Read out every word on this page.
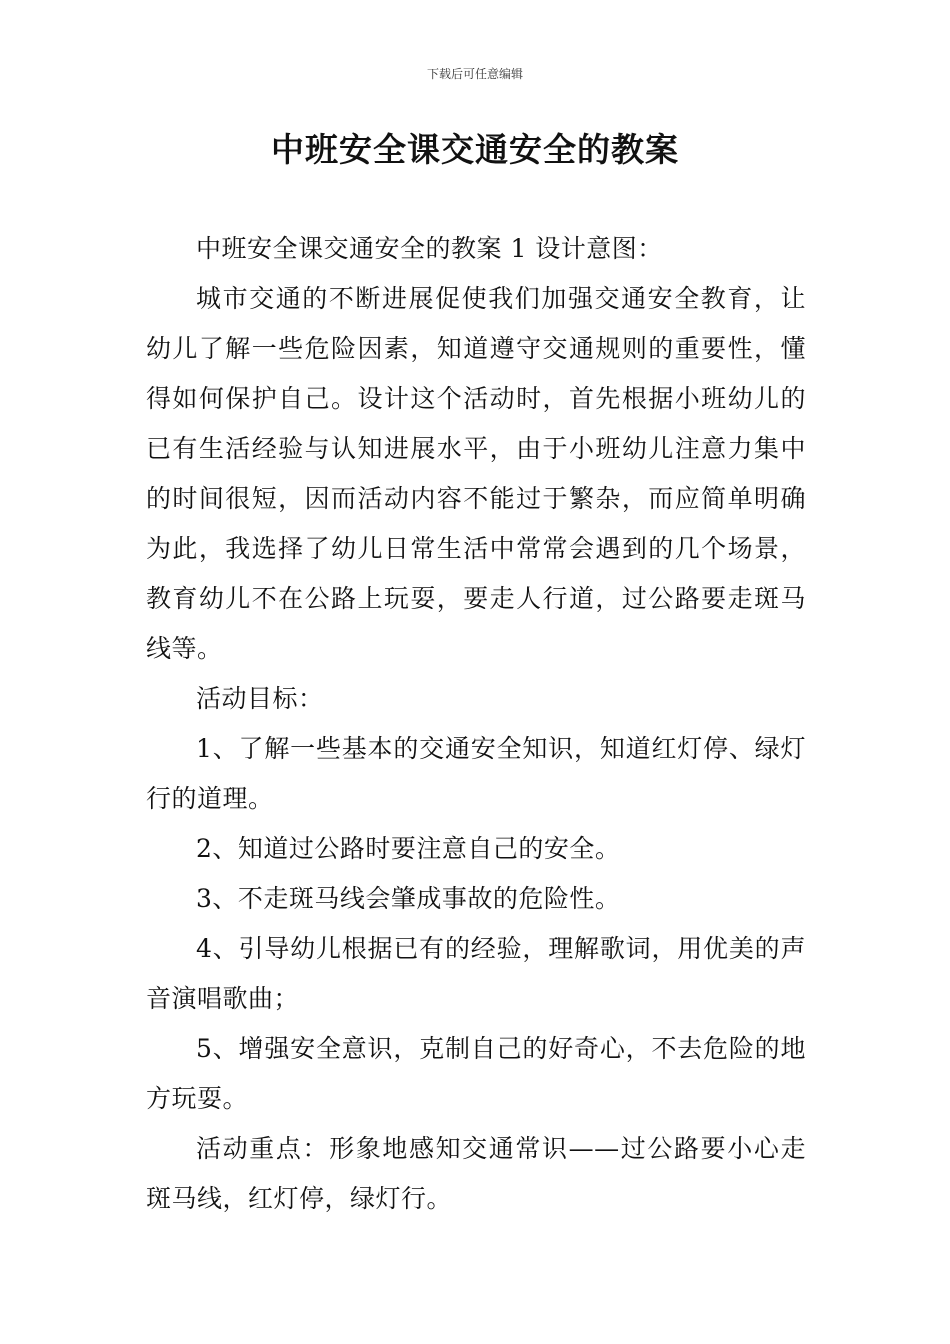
下载后可任意编辑
中班安全课交通安全的教案

中班安全课交通安全的教案 1 设计意图：

城市交通的不断进展促使我们加强交通安全教育，让幼儿了解一些危险因素，知道遵守交通规则的重要性，懂得如何保护自己。设计这个活动时，首先根据小班幼儿的已有生活经验与认知进展水平，由于小班幼儿注意力集中的时间很短，因而活动内容不能过于繁杂，而应简单明确为此，我选择了幼儿日常生活中常常会遇到的几个场景，教育幼儿不在公路上玩耍，要走人行道，过公路要走斑马线等。

活动目标：

1、了解一些基本的交通安全知识，知道红灯停、绿灯行的道理。

2、知道过公路时要注意自己的安全。

3、不走斑马线会肇成事故的危险性。

4、引导幼儿根据已有的经验，理解歌词，用优美的声音演唱歌曲；

5、增强安全意识，克制自己的好奇心，不去危险的地方玩耍。

活动重点：形象地感知交通常识——过公路要小心走斑马线，红灯停，绿灯行。
